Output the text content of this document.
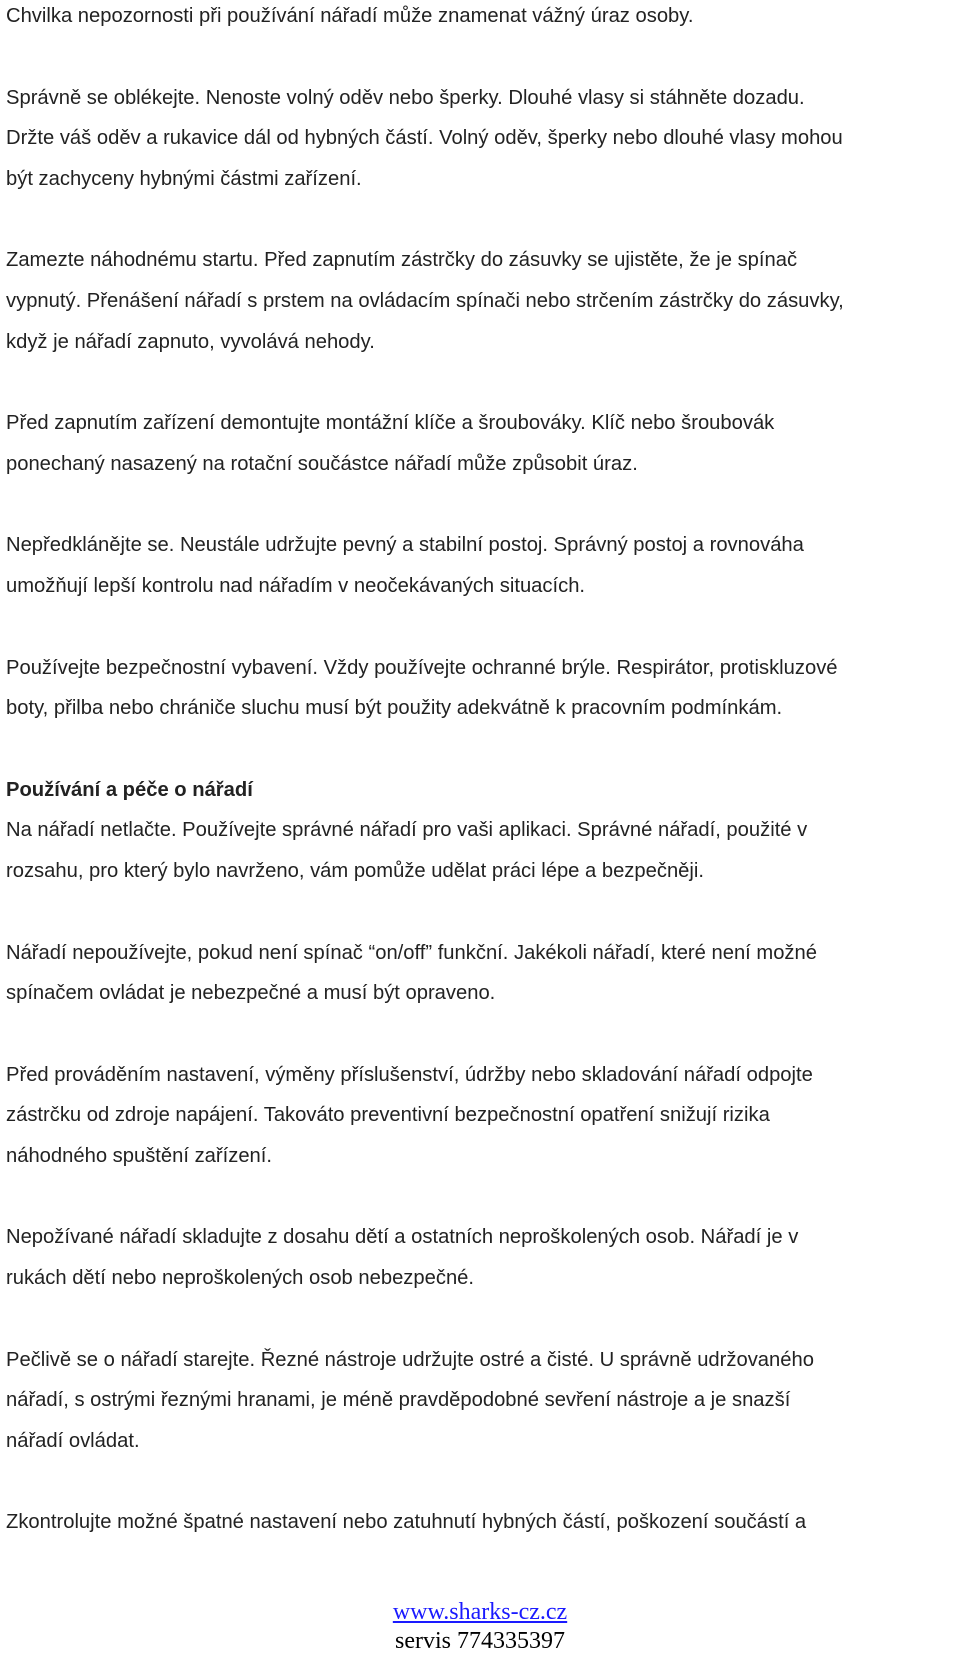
Chvilka nepozornosti při používání nářadí může znamenat vážný úraz osoby.
Správně se oblékejte. Nenoste volný oděv nebo šperky. Dlouhé vlasy si stáhněte dozadu.
Držte váš oděv a rukavice dál od hybných částí. Volný oděv, šperky nebo dlouhé vlasy mohou
být zachyceny hybnými částmi zařízení.
Zamezte náhodnému startu. Před zapnutím zástrčky do zásuvky se ujistěte, že je spínač
vypnutý. Přenášení nářadí s prstem na ovládacím spínači nebo strčením zástrčky do zásuvky,
když je nářadí zapnuto, vyvolává nehody.
Před zapnutím zařízení demontujte montážní klíče a šroubováky. Klíč nebo šroubovák
ponechaný nasazený na rotační součástce nářadí může způsobit úraz.
Nepředklánějte se. Neustále udržujte pevný a stabilní postoj. Správný postoj a rovnováha
umožňují lepší kontrolu nad nářadím v neočekávaných situacích.
Používejte bezpečnostní vybavení. Vždy používejte ochranné brýle. Respirátor, protiskluzové
boty, přilba nebo chrániče sluchu musí být použity adekvátně k pracovním podmínkám.
Používání a péče o nářadí
Na nářadí netlačte. Používejte správné nářadí pro vaši aplikaci. Správné nářadí, použité v
rozsahu, pro který bylo navrženo, vám pomůže udělat práci lépe a bezpečněji.
Nářadí nepoužívejte, pokud není spínač “on/off” funkční. Jakékoli nářadí, které není možné
spínačem ovládat je nebezpečné a musí být opraveno.
Před prováděním nastavení, výměny příslušenství, údržby nebo skladování nářadí odpojte
zástrčku od zdroje napájení. Takováto preventivní bezpečnostní opatření snižují rizika
náhodného spuštění zařízení.
Nepožívané nářadí skladujte z dosahu dětí a ostatních neproškolených osob. Nářadí je v
rukách dětí nebo neproškolených osob nebezpečné.
Pečlivě se o nářadí starejte. Řezné nástroje udržujte ostré a čisté. U správně udržovaného
nářadí, s ostrými řeznými hranami, je méně pravděpodobné sevření nástroje a je snazší
nářadí ovládat.
Zkontrolujte možné špatné nastavení nebo zatuhnutí hybných částí, poškození součástí a
www.sharks-cz.cz
servis 774335397
